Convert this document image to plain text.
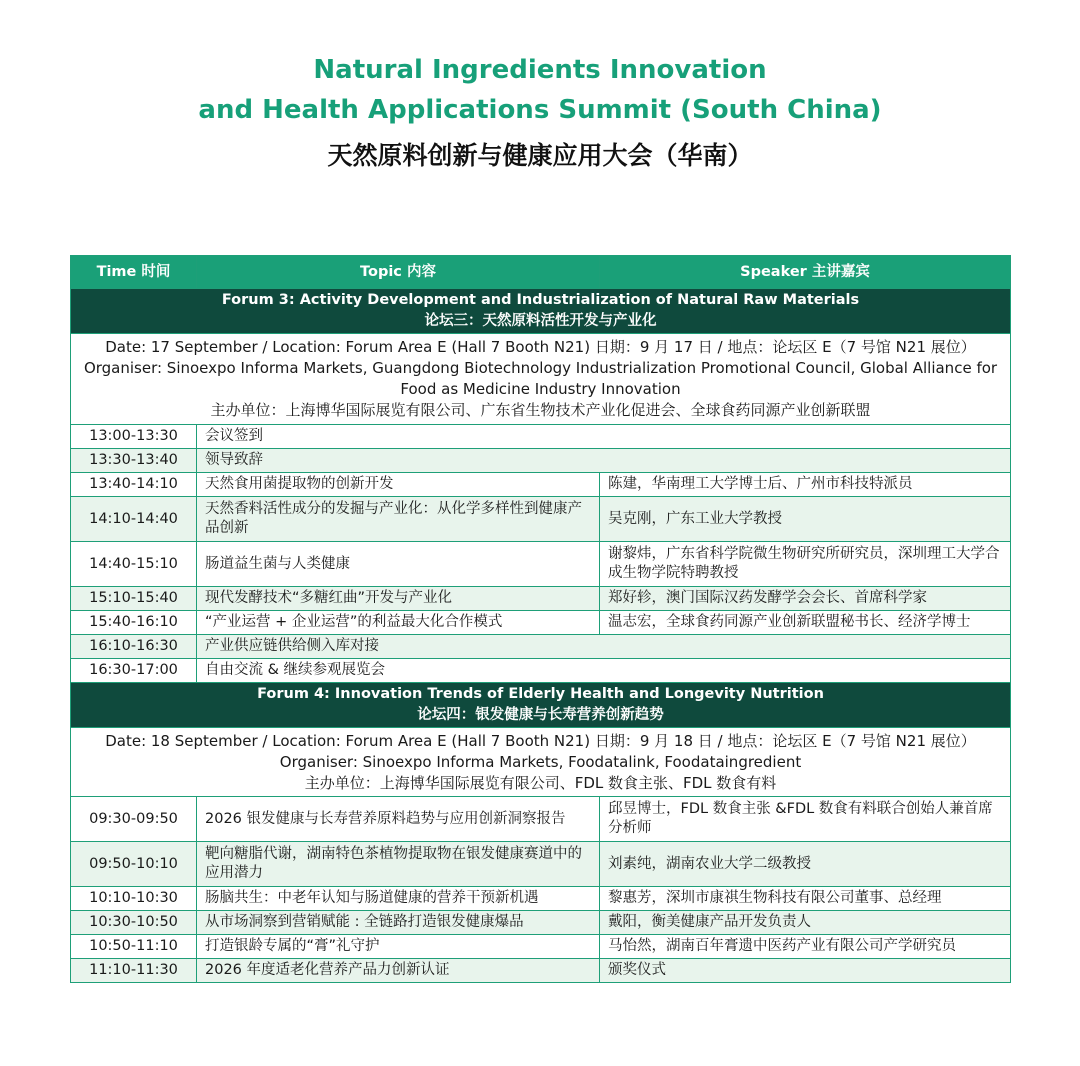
Natural Ingredients Innovation
and Health Applications Summit (South China)
天然原料创新与健康应用大会（华南）
Time 时间	Topic 内容	Speaker 主讲嘉宾

Forum 3: Activity Development and Industrialization of Natural Raw Materials
论坛三：天然原料活性开发与产业化		

Date: 17 September / Location: Forum Area E (Hall 7 Booth N21) 日期：9 月 17 日 / 地点：论坛区 E（7 号馆 N21 展位）
Organiser: Sinoexpo Informa Markets, Guangdong Biotechnology Industrialization Promotional Council, Global Alliance for Food as Medicine Industry Innovation
主办单位：上海博华国际展览有限公司、广东省生物技术产业化促进会、全球食药同源产业创新联盟		

13:00-13:30	会议签到	
13:30-13:40	领导致辞	
13:40-14:10	天然食用菌提取物的创新开发	陈建，华南理工大学博士后、广州市科技特派员
14:10-14:40	天然香料活性成分的发掘与产业化：从化学多样性到健康产品创新	吴克刚，广东工业大学教授
14:40-15:10	肠道益生菌与人类健康	谢黎炜，广东省科学院微生物研究所研究员，深圳理工大学合成生物学院特聘教授
15:10-15:40	现代发酵技术“多糖红曲”开发与产业化	郑好轸，澳门国际汉药发酵学会会长、首席科学家
15:40-16:10	“产业运营 + 企业运营”的利益最大化合作模式	温志宏，全球食药同源产业创新联盟秘书长、经济学博士
16:10-16:30	产业供应链供给侧入库对接	
16:30-17:00	自由交流 & 继续参观展览会	

Forum 4: Innovation Trends of Elderly Health and Longevity Nutrition
论坛四：银发健康与长寿营养创新趋势		

Date: 18 September / Location: Forum Area E (Hall 7 Booth N21) 日期：9 月 18 日 / 地点：论坛区 E（7 号馆 N21 展位）
Organiser: Sinoexpo Informa Markets, Foodatalink, Foodataingredient
主办单位：上海博华国际展览有限公司、FDL 数食主张、FDL 数食有料		

09:30-09:50	2026 银发健康与长寿营养原料趋势与应用创新洞察报告	邱昱博士，FDL 数食主张 &FDL 数食有料联合创始人兼首席分析师
09:50-10:10	靶向糖脂代谢，湖南特色茶植物提取物在银发健康赛道中的应用潜力	刘素纯，湖南农业大学二级教授
10:10-10:30	肠脑共生：中老年认知与肠道健康的营养干预新机遇	黎惠芳，深圳市康祺生物科技有限公司董事、总经理
10:30-10:50	从市场洞察到营销赋能 : 全链路打造银发健康爆品	戴阳，衡美健康产品开发负责人
10:50-11:10	打造银龄专属的“膏”礼守护	马怡然，湖南百年膏遗中医药产业有限公司产学研究员
11:10-11:30	2026 年度适老化营养产品力创新认证	颁奖仪式
